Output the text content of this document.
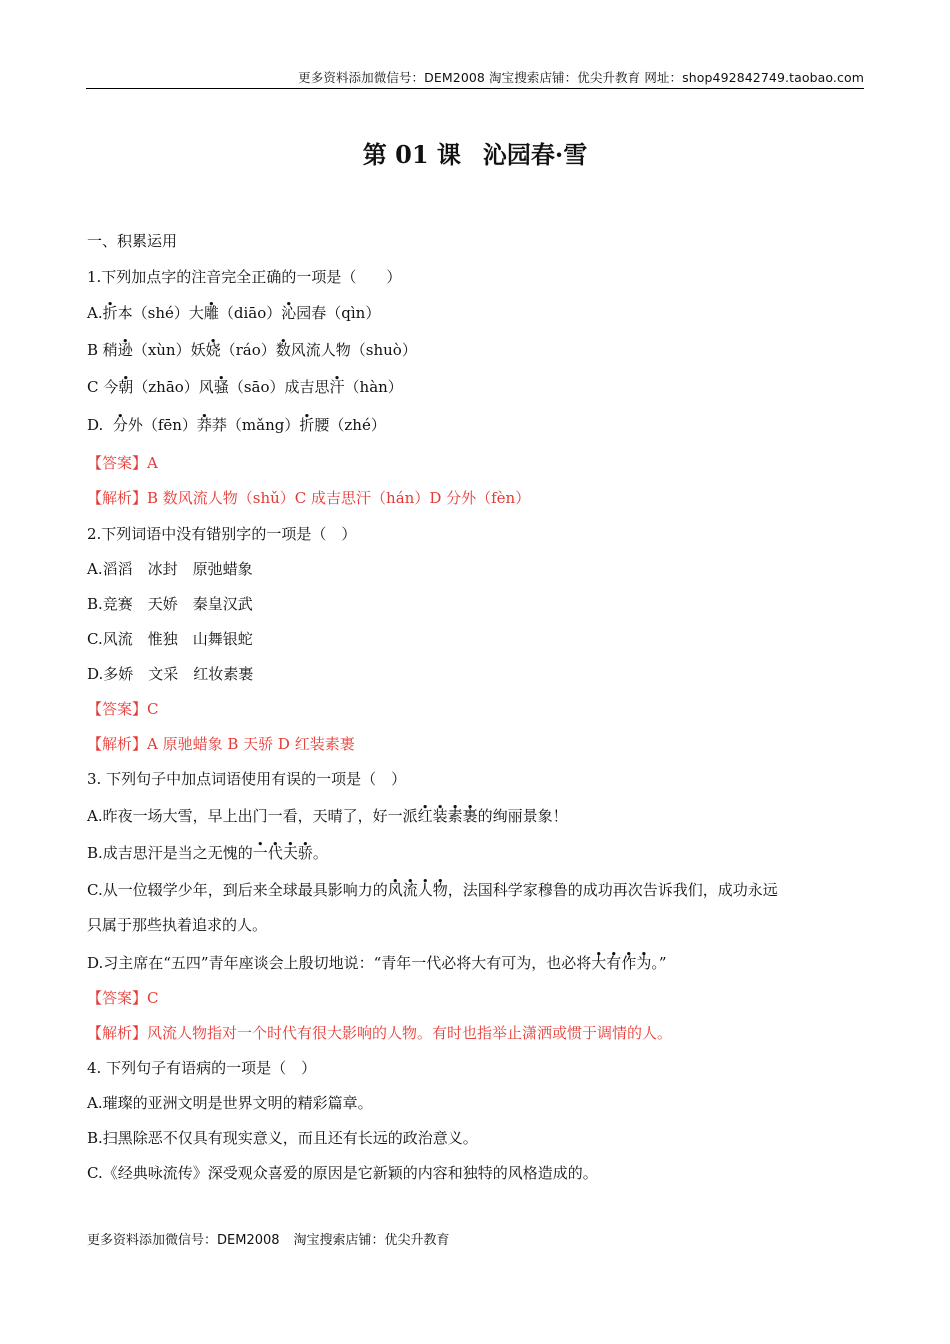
更多资料添加微信号：DEM2008 淘宝搜索店铺：优尖升教育 网址：shop492842749.taobao.com
第 01 课 沁园春·雪
一、积累运用
1.下列加点字的注音完全正确的一项是（　　）
A.折本（shé）大雕（diāo）沁园春（qìn）
B 稍逊（xùn）妖娆（ráo）数风流人物（shuò）
C 今朝（zhāo）风骚（sāo）成吉思汗（hàn）
D.  分外（fēn）莽莽（mǎng）折腰（zhé）
【答案】A
【解析】B 数风流人物（shǔ）C 成吉思汗（hán）D 分外（fèn）
2.下列词语中没有错别字的一项是（　）
A.滔滔　冰封　原弛蜡象
B.竞赛　天娇　秦皇汉武
C.风流　惟独　山舞银蛇
D.多娇　文采　红妆素裹
【答案】C
【解析】A 原驰蜡象 B 天骄 D 红装素裹
3. 下列句子中加点词语使用有误的一项是（　）
A.昨夜一场大雪，早上出门一看，天晴了，好一派红装素裹的绚丽景象！
B.成吉思汗是当之无愧的一代天骄。
C.从一位辍学少年，到后来全球最具影响力的风流人物，法国科学家穆鲁的成功再次告诉我们，成功永远
只属于那些执着追求的人。
D.习主席在“五四”青年座谈会上殷切地说：“青年一代必将大有可为，也必将大有作为。”
【答案】C
【解析】风流人物指对一个时代有很大影响的人物。有时也指举止潇洒或惯于调情的人。
4. 下列句子有语病的一项是（　）
A.璀璨的亚洲文明是世界文明的精彩篇章。
B.扫黑除恶不仅具有现实意义，而且还有长远的政治意义。
C.《经典咏流传》深受观众喜爱的原因是它新颖的内容和独特的风格造成的。
更多资料添加微信号：DEM2008 淘宝搜索店铺：优尖升教育
